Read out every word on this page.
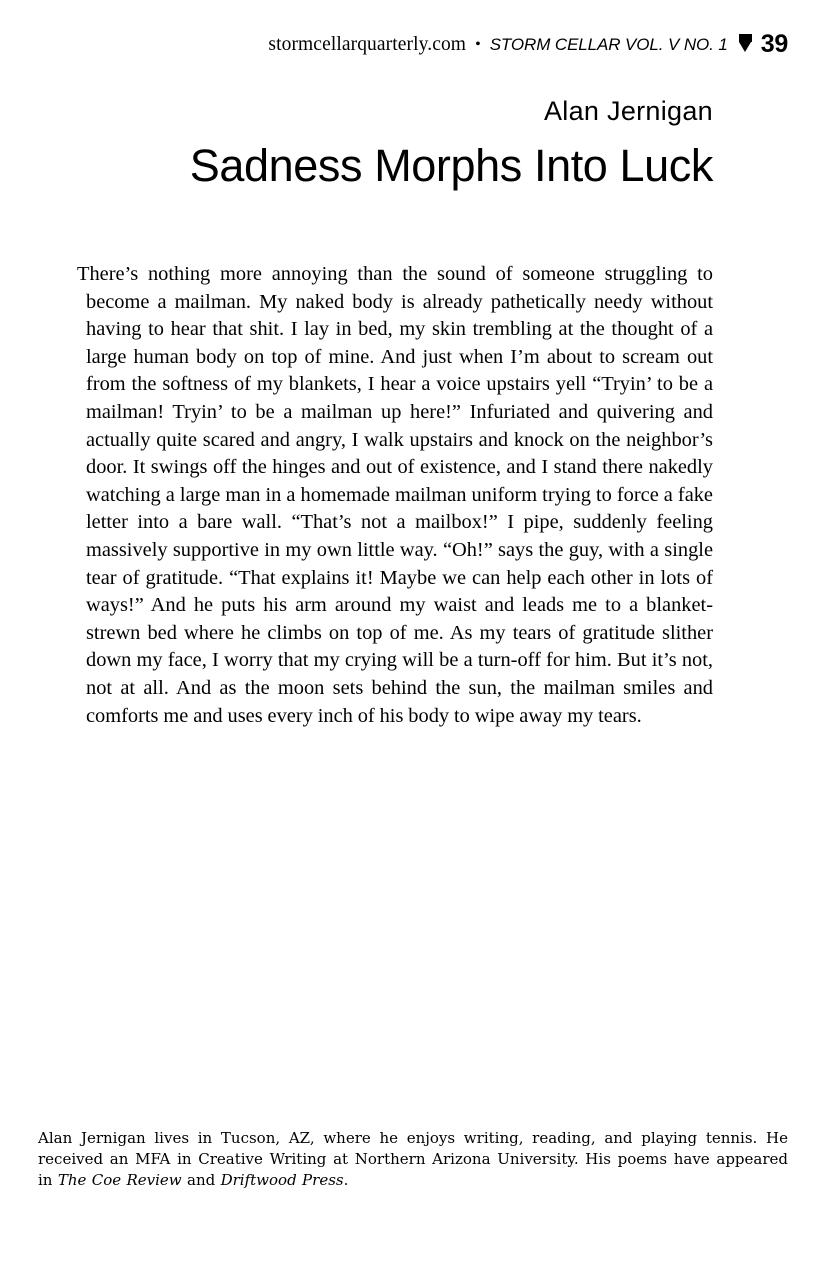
stormcellarquarterly.com • STORM CELLAR VOL. V NO. 1 39
Alan Jernigan
Sadness Morphs Into Luck

There’s nothing more annoying than the sound of someone struggling to become a mailman. My naked body is already pathetically needy without having to hear that shit. I lay in bed, my skin trembling at the thought of a large human body on top of mine. And just when I’m about to scream out from the softness of my blankets, I hear a voice upstairs yell “Tryin’ to be a mailman! Tryin’ to be a mailman up here!” Infuriated and quivering and actually quite scared and angry, I walk upstairs and knock on the neighbor’s door. It swings off the hinges and out of existence, and I stand there nakedly watching a large man in a homemade mailman uniform trying to force a fake letter into a bare wall. “That’s not a mailbox!” I pipe, suddenly feeling massively supportive in my own little way. “Oh!” says the guy, with a single tear of gratitude. “That explains it! Maybe we can help each other in lots of ways!” And he puts his arm around my waist and leads me to a blanket-strewn bed where he climbs on top of me. As my tears of gratitude slither down my face, I worry that my crying will be a turn-off for him. But it’s not, not at all. And as the moon sets behind the sun, the mailman smiles and comforts me and uses every inch of his body to wipe away my tears.

Alan Jernigan lives in Tucson, AZ, where he enjoys writing, reading, and playing tennis. He received an MFA in Creative Writing at Northern Arizona University. His poems have appeared in The Coe Review and Driftwood Press.
